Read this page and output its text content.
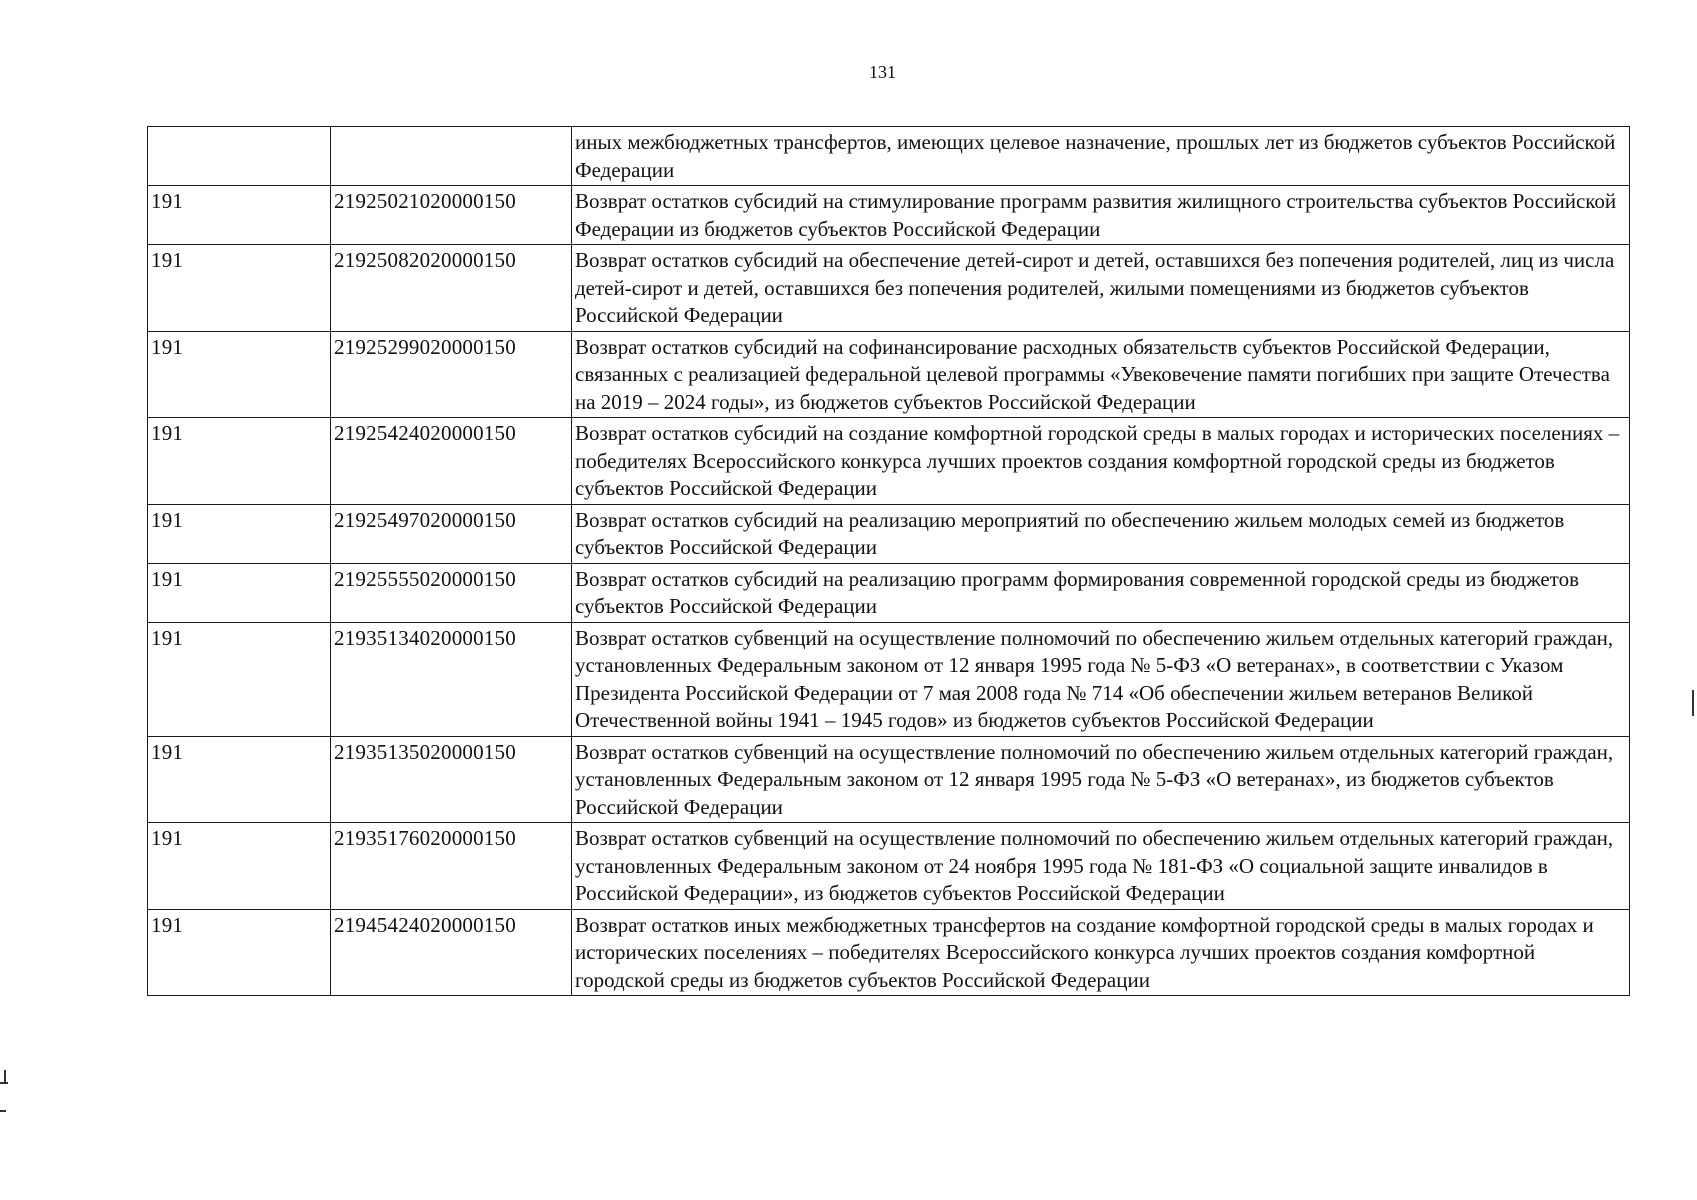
131
		иных межбюджетных трансфертов, имеющих целевое назначение, прошлых лет из бюджетов субъектов Российской Федерации
191	21925021020000150	Возврат остатков субсидий на стимулирование программ развития жилищного строительства субъектов Российской Федерации из бюджетов субъектов Российской Федерации
191	21925082020000150	Возврат остатков субсидий на обеспечение детей-сирот и детей, оставшихся без попечения родителей, лиц из числа детей-сирот и детей, оставшихся без попечения родителей, жилыми помещениями из бюджетов субъектов Российской Федерации
191	21925299020000150	Возврат остатков субсидий на софинансирование расходных обязательств субъектов Российской Федерации, связанных с реализацией федеральной целевой программы «Увековечение памяти погибших при защите Отечества на 2019 – 2024 годы», из бюджетов субъектов Российской Федерации
191	21925424020000150	Возврат остатков субсидий на создание комфортной городской среды в малых городах и исторических поселениях – победителях Всероссийского конкурса лучших проектов создания комфортной городской среды из бюджетов субъектов Российской Федерации
191	21925497020000150	Возврат остатков субсидий на реализацию мероприятий по обеспечению жильем молодых семей из бюджетов субъектов Российской Федерации
191	21925555020000150	Возврат остатков субсидий на реализацию программ формирования современной городской среды из бюджетов субъектов Российской Федерации
191	21935134020000150	Возврат остатков субвенций на осуществление полномочий по обеспечению жильем отдельных категорий граждан, установленных Федеральным законом от 12 января 1995 года № 5-ФЗ «О ветеранах», в соответствии с Указом Президента Российской Федерации от 7 мая 2008 года № 714 «Об обеспечении жильем ветеранов Великой Отечественной войны 1941 – 1945 годов» из бюджетов субъектов Российской Федерации
191	21935135020000150	Возврат остатков субвенций на осуществление полномочий по обеспечению жильем отдельных категорий граждан, установленных Федеральным законом от 12 января 1995 года № 5-ФЗ «О ветеранах», из бюджетов субъектов Российской Федерации
191	21935176020000150	Возврат остатков субвенций на осуществление полномочий по обеспечению жильем отдельных категорий граждан, установленных Федеральным законом от 24 ноября 1995 года № 181-ФЗ «О социальной защите инвалидов в Российской Федерации», из бюджетов субъектов Российской Федерации
191	21945424020000150	Возврат остатков иных межбюджетных трансфертов на создание комфортной городской среды в малых городах и исторических поселениях – победителях Всероссийского конкурса лучших проектов создания комфортной городской среды из бюджетов субъектов Российской Федерации
